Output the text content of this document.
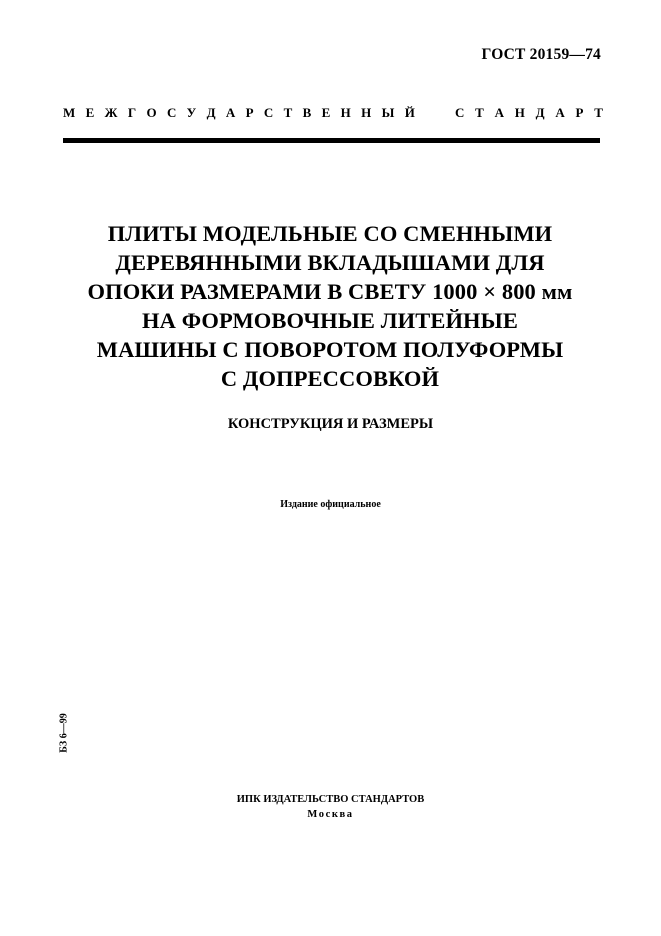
ГОСТ 20159—74
М Е Ж Г О С У Д А Р С Т В Е Н Н Ы Й	С Т А Н Д А Р Т
ПЛИТЫ МОДЕЛЬНЫЕ СО СМЕННЫМИ
ДЕРЕВЯННЫМИ ВКЛАДЫШАМИ ДЛЯ
ОПОКИ РАЗМЕРАМИ В СВЕТУ 1000 × 800 мм
НА ФОРМОВОЧНЫЕ ЛИТЕЙНЫЕ
МАШИНЫ С ПОВОРОТОМ ПОЛУФОРМЫ
С ДОПРЕССОВКОЙ
КОНСТРУКЦИЯ И РАЗМЕРЫ
Издание официальное
БЗ 6—99
ИПК ИЗДАТЕЛЬСТВО СТАНДАРТОВ
Москва
